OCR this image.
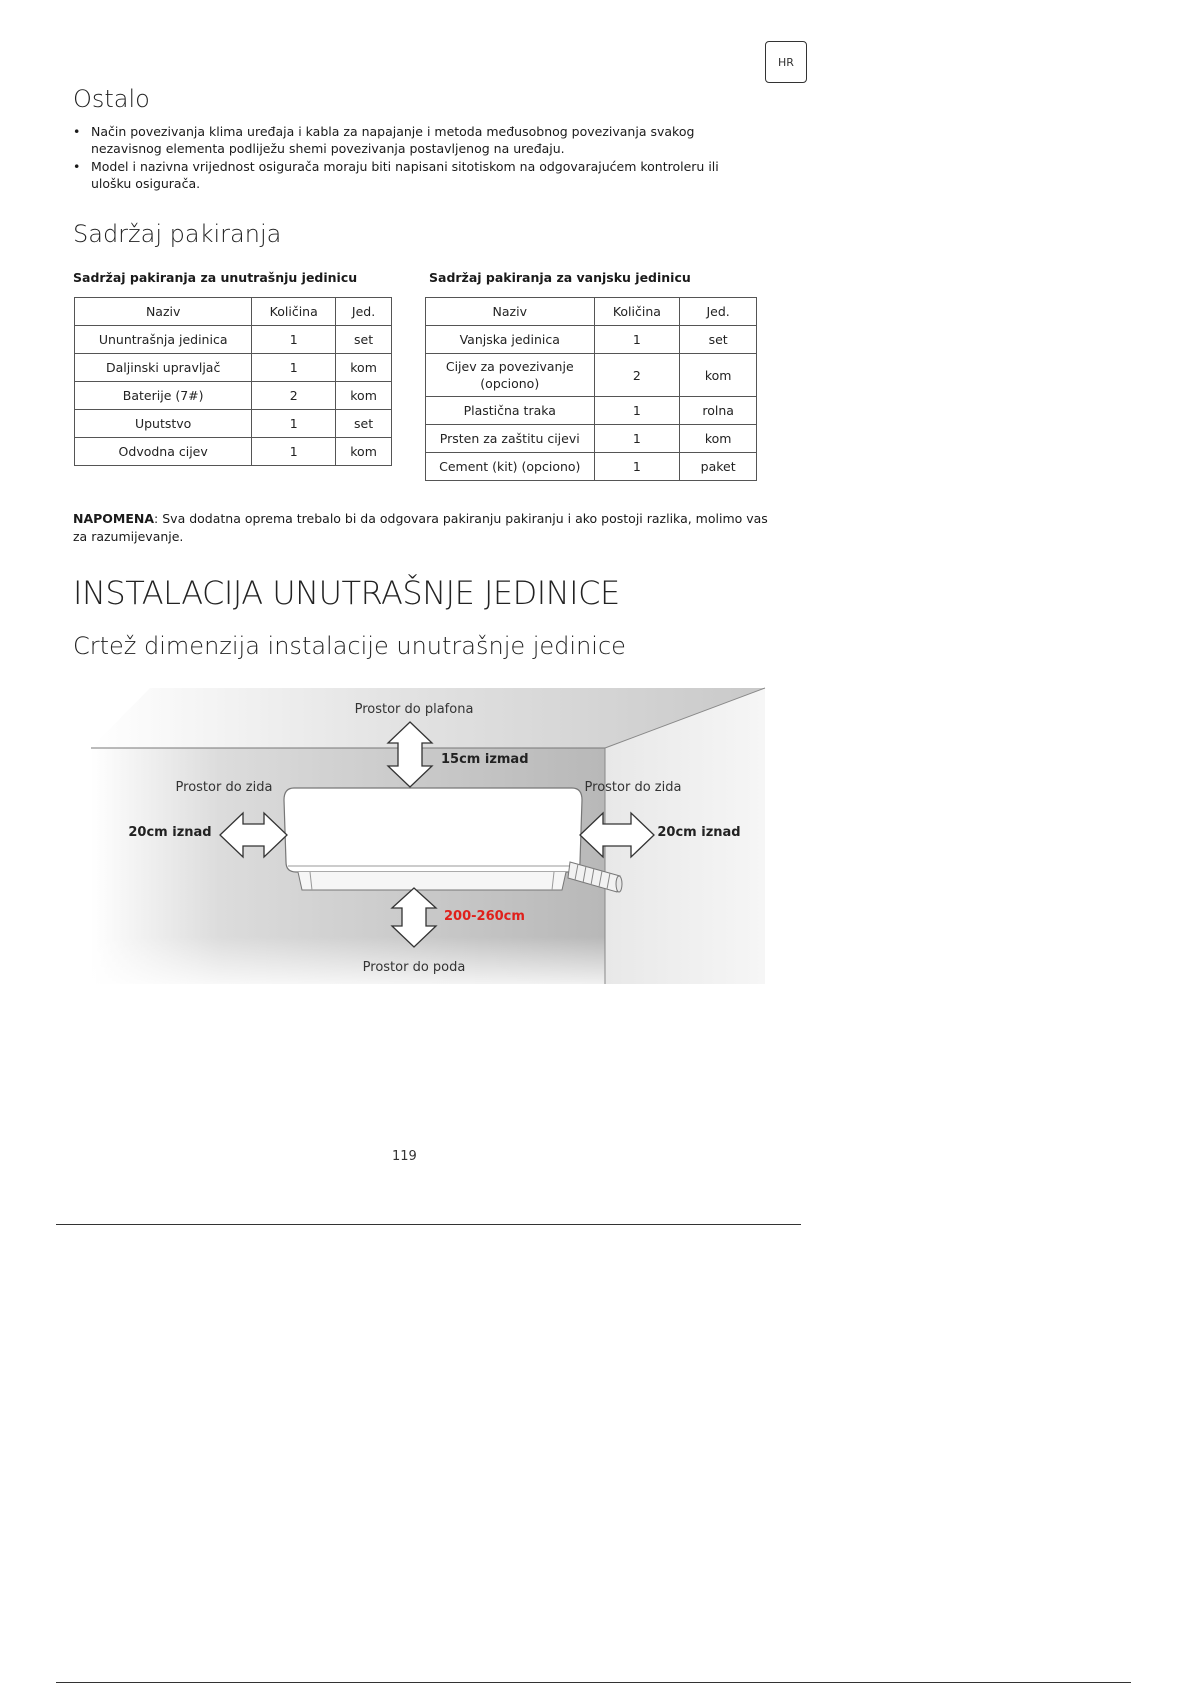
HR
Ostalo
• Način povezivanja klima uređaja i kabla za napajanje i metoda međusobnog povezivanja svakog nezavisnog elementa podliježu shemi povezivanja postavljenog na uređaju.
• Model i nazivna vrijednost osigurača moraju biti napisani sitotiskom na odgovarajućem kontroleru ili ulošku osigurača.
Sadržaj pakiranja
Sadržaj pakiranja za unutrašnju jedinicu	Sadržaj pakiranja za vanjsku jedinicu
Naziv	Količina	Jed.
Ununtrašnja jedinica	1	set
Daljinski upravljač	1	kom
Baterije (7#)	2	kom
Uputstvo	1	set
Odvodna cijev	1	kom
Naziv	Količina	Jed.
Vanjska jedinica	1	set
Cijev za povezivanje (opciono)	2	kom
Plastična traka	1	rolna
Prsten za zaštitu cijevi	1	kom
Cement (kit) (opciono)	1	paket
NAPOMENA: Sva dodatna oprema trebalo bi da odgovara pakiranju pakiranju i ako postoji razlika, molimo vas za razumijevanje.
INSTALACIJA UNUTRAŠNJE JEDINICE
Crtež dimenzija instalacije unutrašnje jedinice
Prostor do plafona
15cm izmad
Prostor do zida
20cm iznad
Prostor do zida
20cm iznad
200-260cm
Prostor do poda
119
